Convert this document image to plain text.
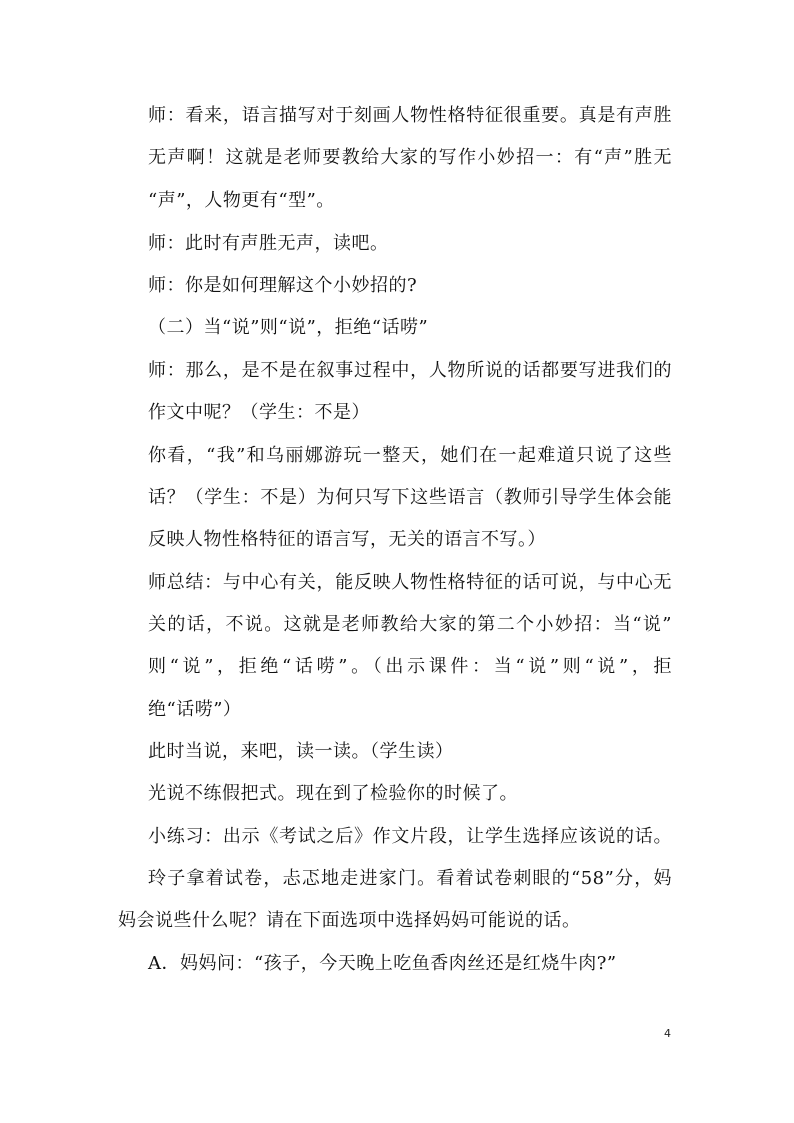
师：看来，语言描写对于刻画人物性格特征很重要。真是有声胜
无声啊！这就是老师要教给大家的写作小妙招一：有“声”胜无
“声”，人物更有“型”。
师：此时有声胜无声，读吧。
师：你是如何理解这个小妙招的?
（二）当“说”则“说”，拒绝“话唠”
师：那么，是不是在叙事过程中，人物所说的话都要写进我们的
作文中呢？（学生：不是）
你看，“我”和乌丽娜游玩一整天，她们在一起难道只说了这些
话？（学生：不是）为何只写下这些语言（教师引导学生体会能
反映人物性格特征的语言写，无关的语言不写。）
师总结：与中心有关，能反映人物性格特征的话可说，与中心无
关的话，不说。这就是老师教给大家的第二个小妙招：当“说”
则“说”，拒绝“话唠”。（出示课件：当“说”则“说”，拒
绝“话唠”）
此时当说，来吧，读一读。（学生读）
光说不练假把式。现在到了检验你的时候了。
小练习：出示《考试之后》作文片段，让学生选择应该说的话。
玲子拿着试卷，忐忑地走进家门。看着试卷刺眼的“58”分，妈
妈会说些什么呢？请在下面选项中选择妈妈可能说的话。
A．妈妈问：“孩子，今天晚上吃鱼香肉丝还是红烧牛肉?”
4
